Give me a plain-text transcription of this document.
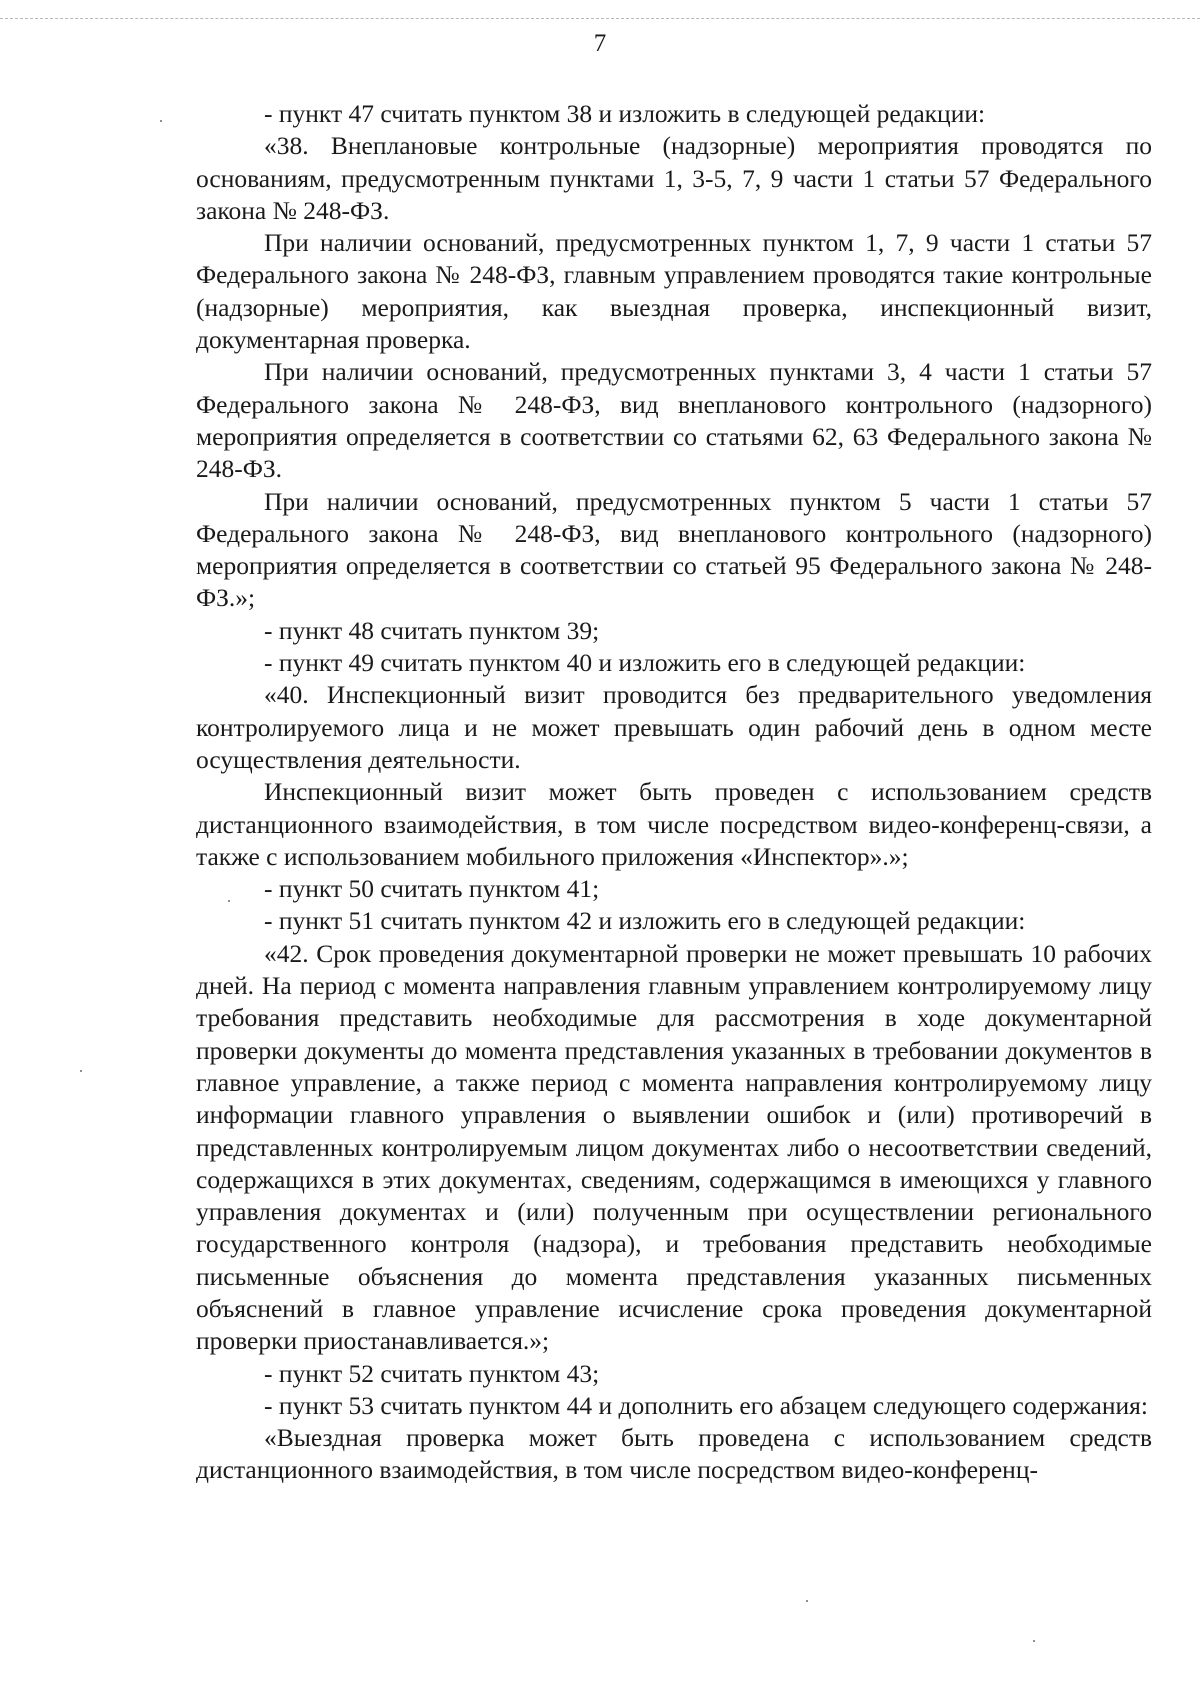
7

- пункт 47 считать пунктом 38 и изложить в следующей редакции:

«38. Внеплановые контрольные (надзорные) мероприятия проводятся по основаниям, предусмотренным пунктами 1, 3-5, 7, 9 части 1 статьи 57 Федерального закона № 248-ФЗ.

При наличии оснований, предусмотренных пунктом 1, 7, 9 части 1 статьи 57 Федерального закона № 248-ФЗ, главным управлением проводятся такие контрольные (надзорные) мероприятия, как выездная проверка, инспекционный визит, документарная проверка.

При наличии оснований, предусмотренных пунктами 3, 4 части 1 статьи 57 Федерального закона № 248-ФЗ, вид внепланового контрольного (надзорного) мероприятия определяется в соответствии со статьями 62, 63 Федерального закона № 248-ФЗ.

При наличии оснований, предусмотренных пунктом 5 части 1 статьи 57 Федерального закона № 248-ФЗ, вид внепланового контрольного (надзорного) мероприятия определяется в соответствии со статьей 95 Федерального закона № 248-ФЗ.»;

- пункт 48 считать пунктом 39;

- пункт 49 считать пунктом 40 и изложить его в следующей редакции:

«40. Инспекционный визит проводится без предварительного уведомления контролируемого лица и не может превышать один рабочий день в одном месте осуществления деятельности.

Инспекционный визит может быть проведен с использованием средств дистанционного взаимодействия, в том числе посредством видео-конференц-связи, а также с использованием мобильного приложения «Инспектор».»;

- пункт 50 считать пунктом 41;

- пункт 51 считать пунктом 42 и изложить его в следующей редакции:

«42. Срок проведения документарной проверки не может превышать 10 рабочих дней. На период с момента направления главным управлением контролируемому лицу требования представить необходимые для рассмотрения в ходе документарной проверки документы до момента представления указанных в требовании документов в главное управление, а также период с момента направления контролируемому лицу информации главного управления о выявлении ошибок и (или) противоречий в представленных контролируемым лицом документах либо о несоответствии сведений, содержащихся в этих документах, сведениям, содержащимся в имеющихся у главного управления документах и (или) полученным при осуществлении регионального государственного контроля (надзора), и требования представить необходимые письменные объяснения до момента представления указанных письменных объяснений в главное управление исчисление срока проведения документарной проверки приостанавливается.»;

- пункт 52 считать пунктом 43;

- пункт 53 считать пунктом 44 и дополнить его абзацем следующего содержания:

«Выездная проверка может быть проведена с использованием средств дистанционного взаимодействия, в том числе посредством видео-конференц-
